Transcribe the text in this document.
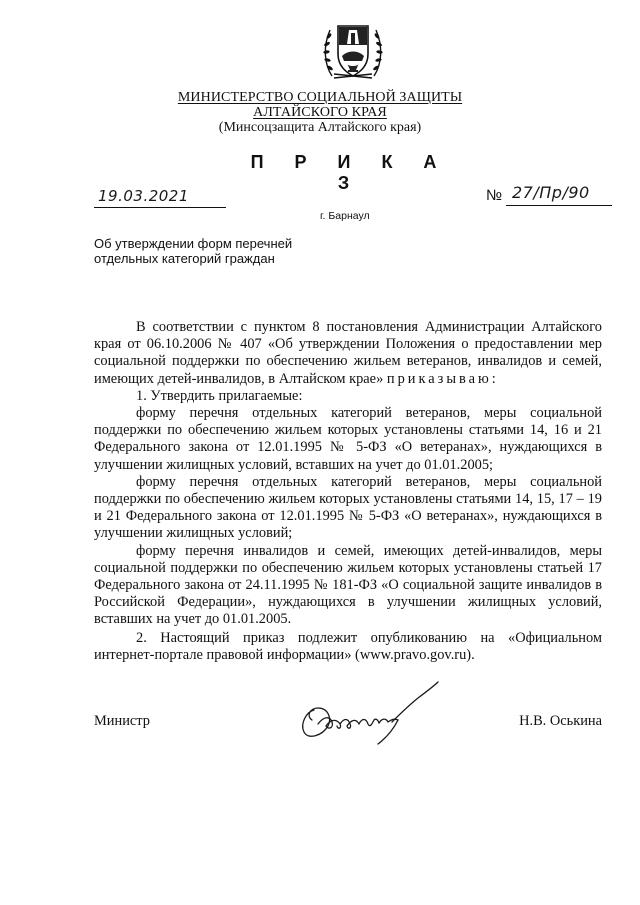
МИНИСТЕРСТВО СОЦИАЛЬНОЙ ЗАЩИТЫ
АЛТАЙСКОГО КРАЯ
(Минсоцзащита Алтайского края)
П Р И К А З
19.03.2021	№ 27/Пр/90
г. Барнаул
Об утверждении форм перечней
отдельных категорий граждан

В соответствии с пунктом 8 постановления Администрации Алтайского края от 06.10.2006 № 407 «Об утверждении Положения о предоставлении мер социальной поддержки по обеспечению жильем ветеранов, инвалидов и семей, имеющих детей-инвалидов, в Алтайском крае» приказываю:

1. Утвердить прилагаемые:

форму перечня отдельных категорий ветеранов, меры социальной поддержки по обеспечению жильем которых установлены статьями 14, 16 и 21 Федерального закона от 12.01.1995 № 5-ФЗ «О ветеранах», нуждающихся в улучшении жилищных условий, вставших на учет до 01.01.2005;

форму перечня отдельных категорий ветеранов, меры социальной поддержки по обеспечению жильем которых установлены статьями 14, 15, 17 – 19 и 21 Федерального закона от 12.01.1995 № 5-ФЗ «О ветеранах», нуждающихся в улучшении жилищных условий;

форму перечня инвалидов и семей, имеющих детей-инвалидов, меры социальной поддержки по обеспечению жильем которых установлены статьей 17 Федерального закона от 24.11.1995 № 181-ФЗ «О социальной защите инвалидов в Российской Федерации», нуждающихся в улучшении жилищных условий, вставших на учет до 01.01.2005.

2. Настоящий приказ подлежит опубликованию на «Официальном интернет-портале правовой информации» (www.pravo.gov.ru).

Министр	Н.В. Оськина
